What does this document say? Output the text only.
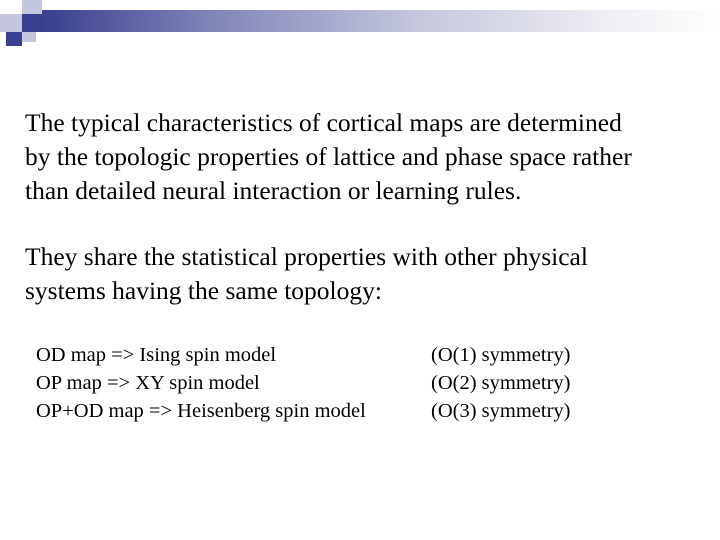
The typical characteristics of cortical maps are determined
by the topologic properties of lattice and phase space rather
than detailed neural interaction or learning rules.
They share the statistical properties with other physical
systems having the same topology:
OD map => Ising spin model	(O(1) symmetry)
OP map => XY spin model	(O(2) symmetry)
OP+OD map => Heisenberg spin model	(O(3) symmetry)
